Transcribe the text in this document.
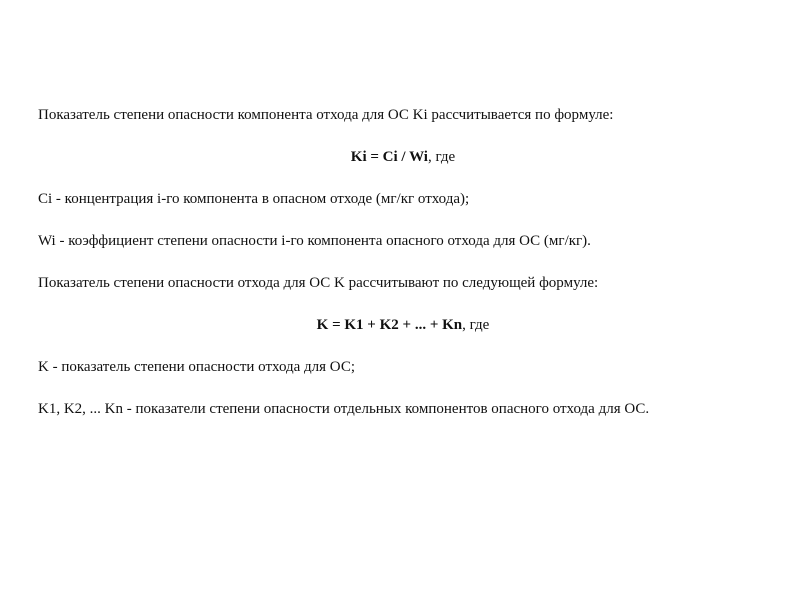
Показатель степени опасности компонента отхода для ОС Ki рассчитывается по формуле:

Ki = Ci / Wi, где

Ci - концентрация i-го компонента в опасном отходе (мг/кг отхода);

Wi - коэффициент степени опасности i-го компонента опасного отхода для ОС (мг/кг).

Показатель степени опасности отхода для ОС K рассчитывают по следующей формуле:

K = K1 + K2 + ... + Kn, где

K - показатель степени опасности отхода для ОС;

K1, K2, ... Kn - показатели степени опасности отдельных компонентов опасного отхода для ОС.
